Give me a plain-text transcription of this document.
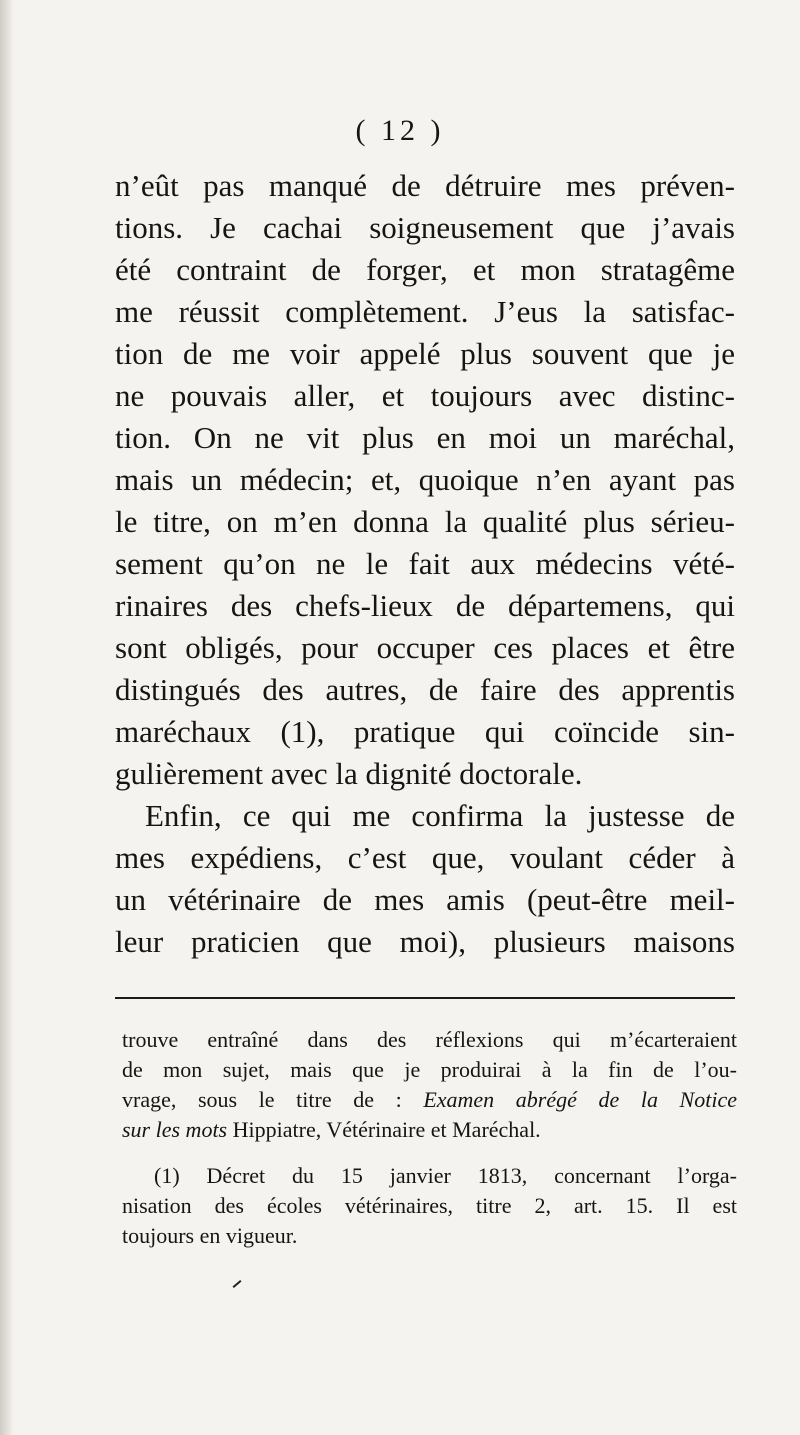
( 12 )
n’eût pas manqué de détruire mes préven-
tions. Je cachai soigneusement que j’avais
été contraint de forger, et mon stratagême
me réussit complètement. J’eus la satisfac-
tion de me voir appelé plus souvent que je
ne pouvais aller, et toujours avec distinc-
tion. On ne vit plus en moi un maréchal,
mais un médecin; et, quoique n’en ayant pas
le titre, on m’en donna la qualité plus sérieu-
sement qu’on ne le fait aux médecins vété-
rinaires des chefs-lieux de départemens, qui
sont obligés, pour occuper ces places et être
distingués des autres, de faire des apprentis
maréchaux (1), pratique qui coïncide sin-
gulièrement avec la dignité doctorale.
Enfin, ce qui me confirma la justesse de
mes expédiens, c’est que, voulant céder à
un vétérinaire de mes amis (peut-être meil-
leur praticien que moi), plusieurs maisons
trouve entraîné dans des réflexions qui m’écarteraient
de mon sujet, mais que je produirai à la fin de l’ou-
vrage, sous le titre de : Examen abrégé de la Notice
sur les mots Hippiatre, Vétérinaire et Maréchal.
(1) Décret du 15 janvier 1813, concernant l’orga-
nisation des écoles vétérinaires, titre 2, art. 15. Il est
toujours en vigueur.
